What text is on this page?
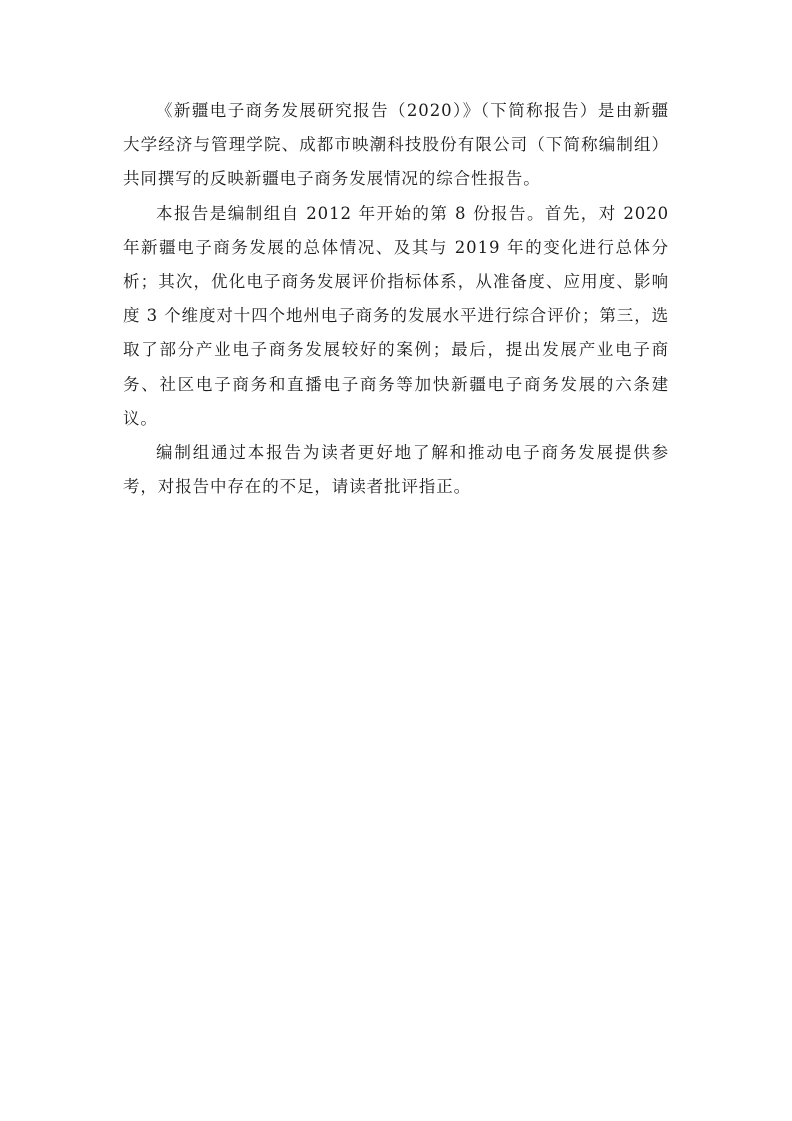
《新疆电子商务发展研究报告（2020）》（下简称报告）是由新疆大学经济与管理学院、成都市映潮科技股份有限公司（下简称编制组）共同撰写的反映新疆电子商务发展情况的综合性报告。

本报告是编制组自 2012 年开始的第 8 份报告。首先，对 2020 年新疆电子商务发展的总体情况、及其与 2019 年的变化进行总体分析；其次，优化电子商务发展评价指标体系，从准备度、应用度、影响度 3 个维度对十四个地州电子商务的发展水平进行综合评价；第三，选取了部分产业电子商务发展较好的案例；最后，提出发展产业电子商务、社区电子商务和直播电子商务等加快新疆电子商务发展的六条建议。

编制组通过本报告为读者更好地了解和推动电子商务发展提供参考，对报告中存在的不足，请读者批评指正。
